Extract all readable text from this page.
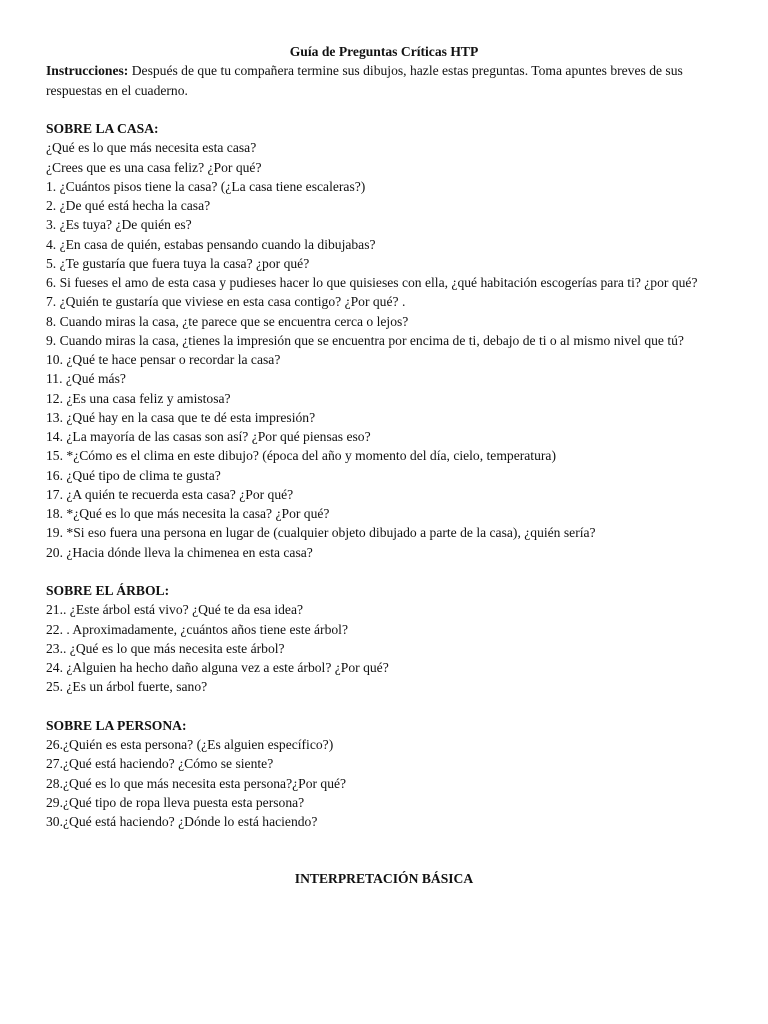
Guía de Preguntas Críticas HTP

Instrucciones: Después de que tu compañera termine sus dibujos, hazle estas preguntas. Toma apuntes breves de sus respuestas en el cuaderno.

SOBRE LA CASA:

¿Qué es lo que más necesita esta casa?

¿Crees que es una casa feliz? ¿Por qué?

1. ¿Cuántos pisos tiene la casa? (¿La casa tiene escaleras?)

2. ¿De qué está hecha la casa?

3. ¿Es tuya? ¿De quién es?

4. ¿En casa de quién, estabas pensando cuando la dibujabas?

5. ¿Te gustaría que fuera tuya la casa? ¿por qué?

6. Si fueses el amo de esta casa y pudieses hacer lo que quisieses con ella, ¿qué habitación escogerías para ti? ¿por qué?

7. ¿Quién te gustaría que viviese en esta casa contigo? ¿Por qué? .

8. Cuando miras la casa, ¿te parece que se encuentra cerca o lejos?

9. Cuando miras la casa, ¿tienes la impresión que se encuentra por encima de ti, debajo de ti o al mismo nivel que tú?

10. ¿Qué te hace pensar o recordar la casa?

11. ¿Qué más?

12. ¿Es una casa feliz y amistosa?

13. ¿Qué hay en la casa que te dé esta impresión?

14. ¿La mayoría de las casas son así? ¿Por qué piensas eso?

15. *¿Cómo es el clima en este dibujo? (época del año y momento del día, cielo, temperatura)

16. ¿Qué tipo de clima te gusta?

17. ¿A quién te recuerda esta casa? ¿Por qué?

18. *¿Qué es lo que más necesita la casa? ¿Por qué?

19. *Si eso fuera una persona en lugar de (cualquier objeto dibujado a parte de la casa), ¿quién sería?

20. ¿Hacia dónde lleva la chimenea en esta casa?

SOBRE EL ÁRBOL:

21.. ¿Este árbol está vivo? ¿Qué te da esa idea?

22. . Aproximadamente, ¿cuántos años tiene este árbol?

23.. ¿Qué es lo que más necesita este árbol?

24. ¿Alguien ha hecho daño alguna vez a este árbol? ¿Por qué?

25. ¿Es un árbol fuerte, sano?

SOBRE LA PERSONA:

26.¿Quién es esta persona? (¿Es alguien específico?)

27.¿Qué está haciendo? ¿Cómo se siente?

28.¿Qué es lo que más necesita esta persona?¿Por qué?

29.¿Qué tipo de ropa lleva puesta esta persona?

30.¿Qué está haciendo? ¿Dónde lo está haciendo?

INTERPRETACIÓN BÁSICA
